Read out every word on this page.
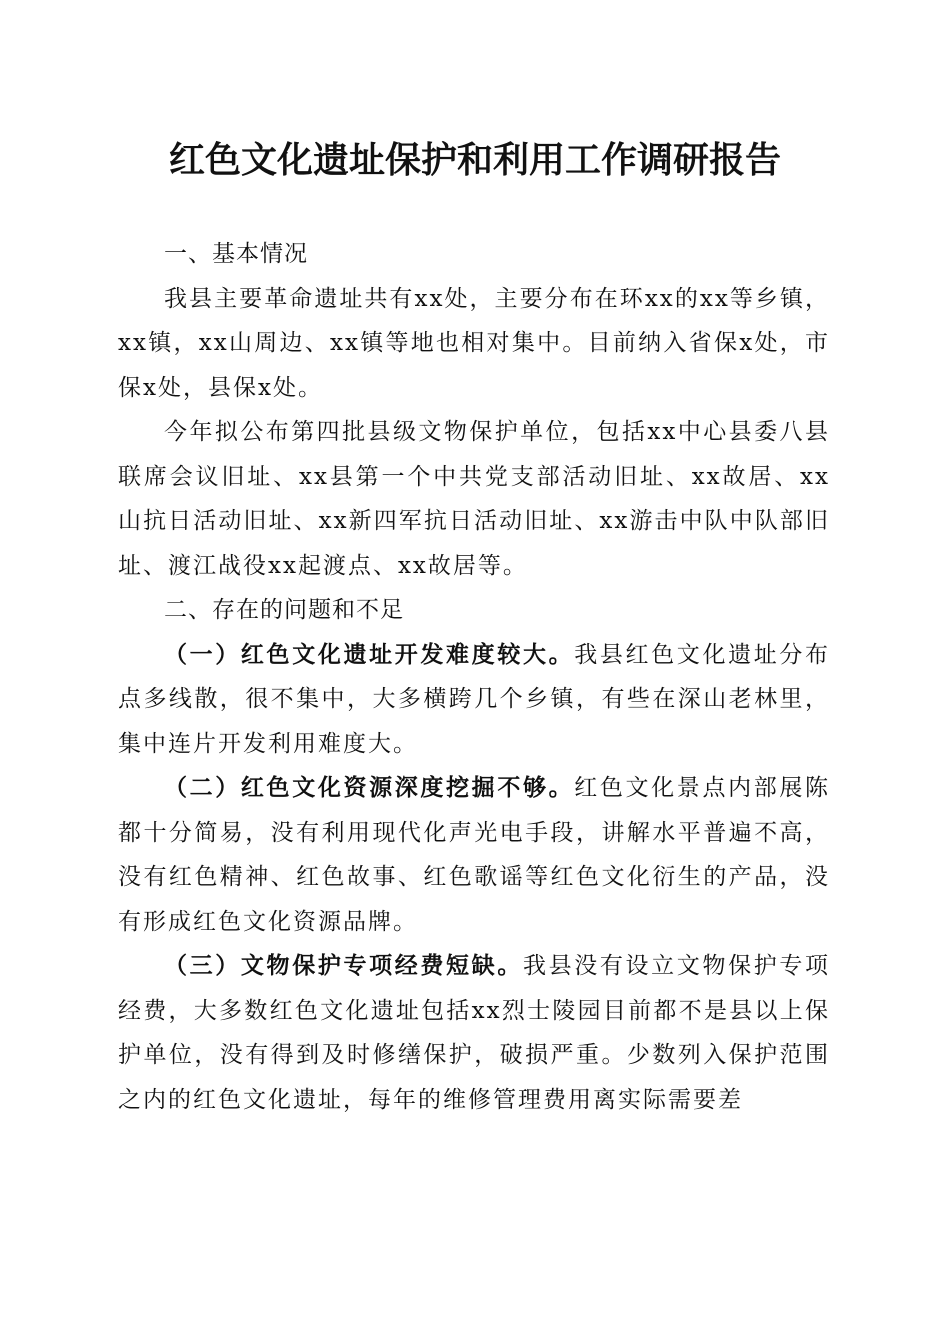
红色文化遗址保护和利用工作调研报告

一、基本情况

我县主要革命遗址共有xx处，主要分布在环xx的xx等乡镇，xx镇，xx山周边、xx镇等地也相对集中。目前纳入省保x处，市保x处，县保x处。

今年拟公布第四批县级文物保护单位，包括xx中心县委八县联席会议旧址、xx县第一个中共党支部活动旧址、xx故居、xx山抗日活动旧址、xx新四军抗日活动旧址、xx游击中队中队部旧址、渡江战役xx起渡点、xx故居等。

二、存在的问题和不足

（一）红色文化遗址开发难度较大。我县红色文化遗址分布点多线散，很不集中，大多横跨几个乡镇，有些在深山老林里，集中连片开发利用难度大。

（二）红色文化资源深度挖掘不够。红色文化景点内部展陈都十分简易，没有利用现代化声光电手段，讲解水平普遍不高，没有红色精神、红色故事、红色歌谣等红色文化衍生的产品，没有形成红色文化资源品牌。

（三）文物保护专项经费短缺。我县没有设立文物保护专项经费，大多数红色文化遗址包括xx烈士陵园目前都不是县以上保护单位，没有得到及时修缮保护，破损严重。少数列入保护范围之内的红色文化遗址，每年的维修管理费用离实际需要差
